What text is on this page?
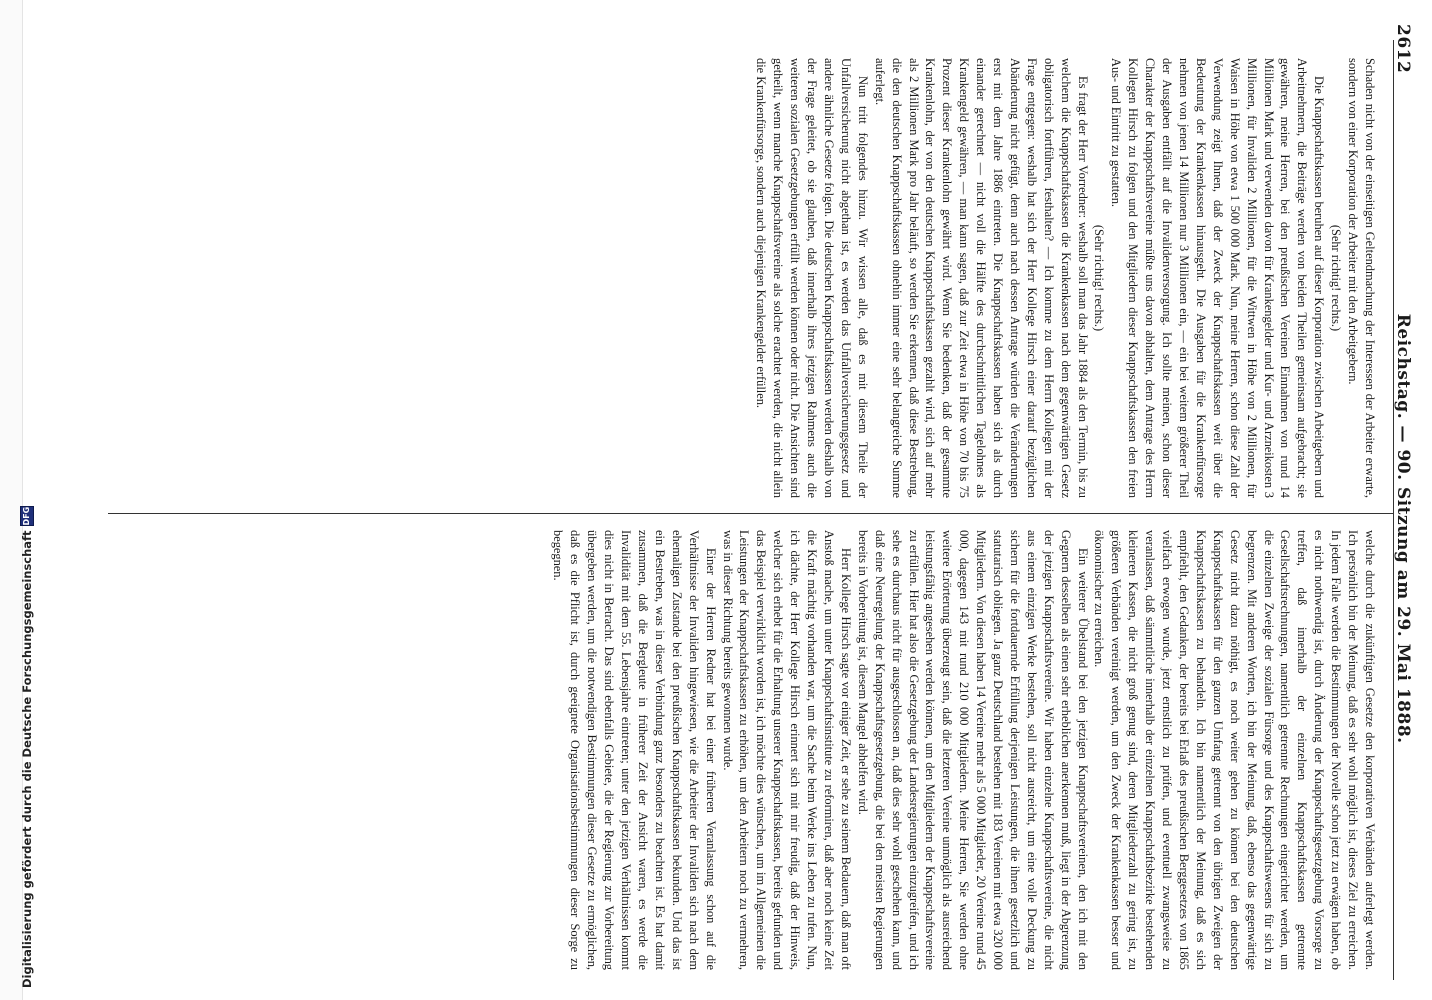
Digitalisierung gefördert durch die Deutsche Forschungsgemeinschaft
DFG
2612
Reichstag. — 90. Sitzung am 29. Mai 1888.

Schaden nicht von der einseitigen Geltendmachung der Interessen der Arbeiter erwarte, sondern von einer Korporation der Arbeiter mit den Arbeitgebern.

(Sehr richtig! rechts.)

Die Knappschaftskassen beruhen auf dieser Korporation zwischen Arbeitgebern und Arbeitnehmern, die Beiträge werden von beiden Theilen gemeinsam aufgebracht; sie gewähren, meine Herren, bei den preußischen Vereinen Einnahmen von rund 14 Millionen Mark und verwenden davon für Krankengelder und Kur- und Arzneikosten 3 Millionen, für Invaliden 2 Millionen, für die Wittwen in Höhe von 2 Millionen, für Waisen in Höhe von etwa 1 500 000 Mark. Nun, meine Herren, schon diese Zahl der Verwendung zeigt Ihnen, daß der Zweck der Knappschaftskassen weit über die Bedeutung der Krankenkassen hinausgeht. Die Ausgaben für die Krankenfürsorge nehmen von jenen 14 Millionen nur 3 Millionen ein, — ein bei weitem größerer Theil der Ausgaben entfällt auf die Invalidenversorgung. Ich sollte meinen, schon dieser Charakter der Knappschaftsvereine müßte uns davon abhalten, dem Antrage des Herrn Kollegen Hirsch zu folgen und den Mitgliedern dieser Knappschaftskassen den freien Aus- und Eintritt zu gestatten.

(Sehr richtig! rechts.)

Es fragt der Herr Vorredner: weshalb soll man das Jahr 1884 als den Termin, bis zu welchem die Knappschaftskassen die Krankenkassen nach dem gegenwärtigen Gesetz obligatorisch fortführen, festhalten? — Ich komme zu dem Herrn Kollegen mit der Frage entgegen: weshalb hat sich der Herr Kollege Hirsch einer darauf bezüglichen Abänderung nicht gefügt, denn auch nach dessen Antrage würden die Veränderungen erst mit dem Jahre 1886 eintreten. Die Knappschaftskassen haben sich als durch einander gerechnet — nicht voll die Hälfte des durchschnittlichen Tagelohnes als Krankengeld gewähren, — man kann sagen, daß zur Zeit etwa in Höhe von 70 bis 75 Prozent dieser Krankenlohn gewährt wird. Wenn Sie bedenken, daß der gesammte Krankenlohn, der von den deutschen Knappschaftskassen gezahlt wird, sich auf mehr als 2 Millionen Mark pro Jahr beläuft, so werden Sie erkennen, daß diese Bestrebung, die den deutschen Knappschaftskassen ohnehin immer eine sehr belangreiche Summe auferlegt.

Nun tritt folgendes hinzu. Wir wissen alle, daß es mit diesem Theile der Unfallversicherung nicht abgethan ist, es werden das Unfallversicherungsgesetz und andere ähnliche Gesetze folgen. Die deutschen Knappschaftskassen werden deshalb von der Frage geleitet, ob sie glauben, daß innerhalb ihres jetzigen Rahmens auch die weiteren sozialen Gesetzgebungen erfüllt werden können oder nicht. Die Ansichten sind getheilt, wenn manche Knappschaftsvereine als solche erachtet werden, die nicht allein die Krankenfürsorge, sondern auch diejenigen Krankengelder erfüllen.

welche durch die zukünftigen Gesetze den korporativen Verbänden auferlegt werden. Ich persönlich bin der Meinung, daß es sehr wohl möglich ist, dieses Ziel zu erreichen. In jedem Falle werden die Bestimmungen der Novelle schon jetzt zu erwägen haben, ob es nicht nothwendig ist, durch Änderung der Knappschaftsgesetzgebung Vorsorge zu treffen, daß innerhalb der einzelnen Knappschaftskassen getrennte Gesellschaftsrechnungen, namentlich getrennte Rechnungen eingerichtet werden, um die einzelnen Zweige der sozialen Fürsorge und des Knappschaftswesens für sich zu begrenzen. Mit anderen Worten, ich bin der Meinung, daß, ebenso das gegenwärtige Gesetz nicht dazu nöthigt, es noch weiter gehen zu können bei den deutschen Knappschaftskassen für den ganzen Umfang getrennt von den übrigen Zweigen der Knappschaftskassen zu behandeln. Ich bin namentlich der Meinung, daß es sich empfiehlt, den Gedanken, der bereits bei Erlaß des preußischen Berggesetzes von 1865 vielfach erwogen wurde, jetzt ernstlich zu prüfen, und eventuell zwangsweise zu veranlassen, daß sämmtliche innerhalb der einzelnen Knappschaftsbezirke bestehenden kleineren Kassen, die nicht groß genug sind, deren Mitgliederzahl zu gering ist, zu größeren Verbänden vereinigt werden, um den Zweck der Krankenkassen besser und ökonomischer zu erreichen.

Ein weiterer Übelstand bei den jetzigen Knappschaftsvereinen, den ich mit den Gegnern desselben als einen sehr erheblichen anerkennen muß, liegt in der Abgrenzung der jetzigen Knappschaftsvereine. Wir haben einzelne Knappschaftsvereine, die nicht aus einem einzigen Werke bestehen, soll nicht ausreicht, um eine volle Deckung zu sichern für die fortdauernde Erfüllung derjenigen Leistungen, die ihnen gesetzlich und statutarisch obliegen. Ja ganz Deutschland bestehen mit 183 Vereinen mit etwa 320 000 Mitgliedern. Von diesen haben 14 Vereine mehr als 5 000 Mitglieder, 20 Vereine rund 45 000, dagegen 143 mit rund 210 000 Mitgliedern. Meine Herren, Sie werden ohne weitere Erörterung überzeugt sein, daß die letzteren Vereine unmöglich als ausreichend leistungsfähig angesehen werden können, um den Mitgliedern der Knappschaftsvereine zu erfüllen. Hier hat also die Gesetzgebung der Landesregierungen einzugreifen, und ich sehe es durchaus nicht für ausgeschlossen an, daß dies sehr wohl geschehen kann, und daß eine Neuregelung der Knappschaftsgesetzgebung, die bei den meisten Regierungen bereits in Vorbereitung ist, diesem Mangel abhelfen wird.

Herr Kollege Hirsch sagte vor einiger Zeit, er sehe zu seinem Bedauern, daß man oft Anstoß mache, um unter Knappschaftsinstitute zu reformiren, daß aber noch keine Zeit die Kraft mächtig vorhanden war, um die Sache beim Werke ins Leben zu rufen. Nun, ich dächte, der Herr Kollege Hirsch erinnert sich mit mir freudig, daß der Hinweis, welcher sich erhebt für die Erhaltung unserer Knappschaftskassen, bereits gefunden und das Beispiel verwirklicht worden ist, ich möchte dies wünschen, um im Allgemeinen die Leistungen der Knappschaftskassen zu erhöhen, um den Arbeitern noch zu vermehren, was in dieser Richtung bereits gewonnen wurde.

Einer der Herren Redner hat bei einer früheren Veranlassung schon auf die Verhältnisse der Invaliden hingewiesen, wie die Arbeiter der Invaliden sich nach dem ehemaligen Zustande bei den preußischen Knappschaftskassen bekunden. Und das ist ein Bestreben, was in dieser Verbindung ganz besonders zu beachten ist. Es hat damit zusammen, daß die Bergleute in früherer Zeit der Ansicht waren, es werde die Invalidität mit dem 55. Lebensjahre eintreten; unter den jetzigen Verhältnissen kommt dies nicht in Betracht. Das sind ebenfalls Gebiete, die der Regierung zur Vorbereitung übergeben werden, um die notwendigen Bestimmungen dieser Gesetze zu ermöglichen, daß es die Pflicht ist, durch geeignete Organisationsbestimmungen dieser Sorge zu begegnen.
